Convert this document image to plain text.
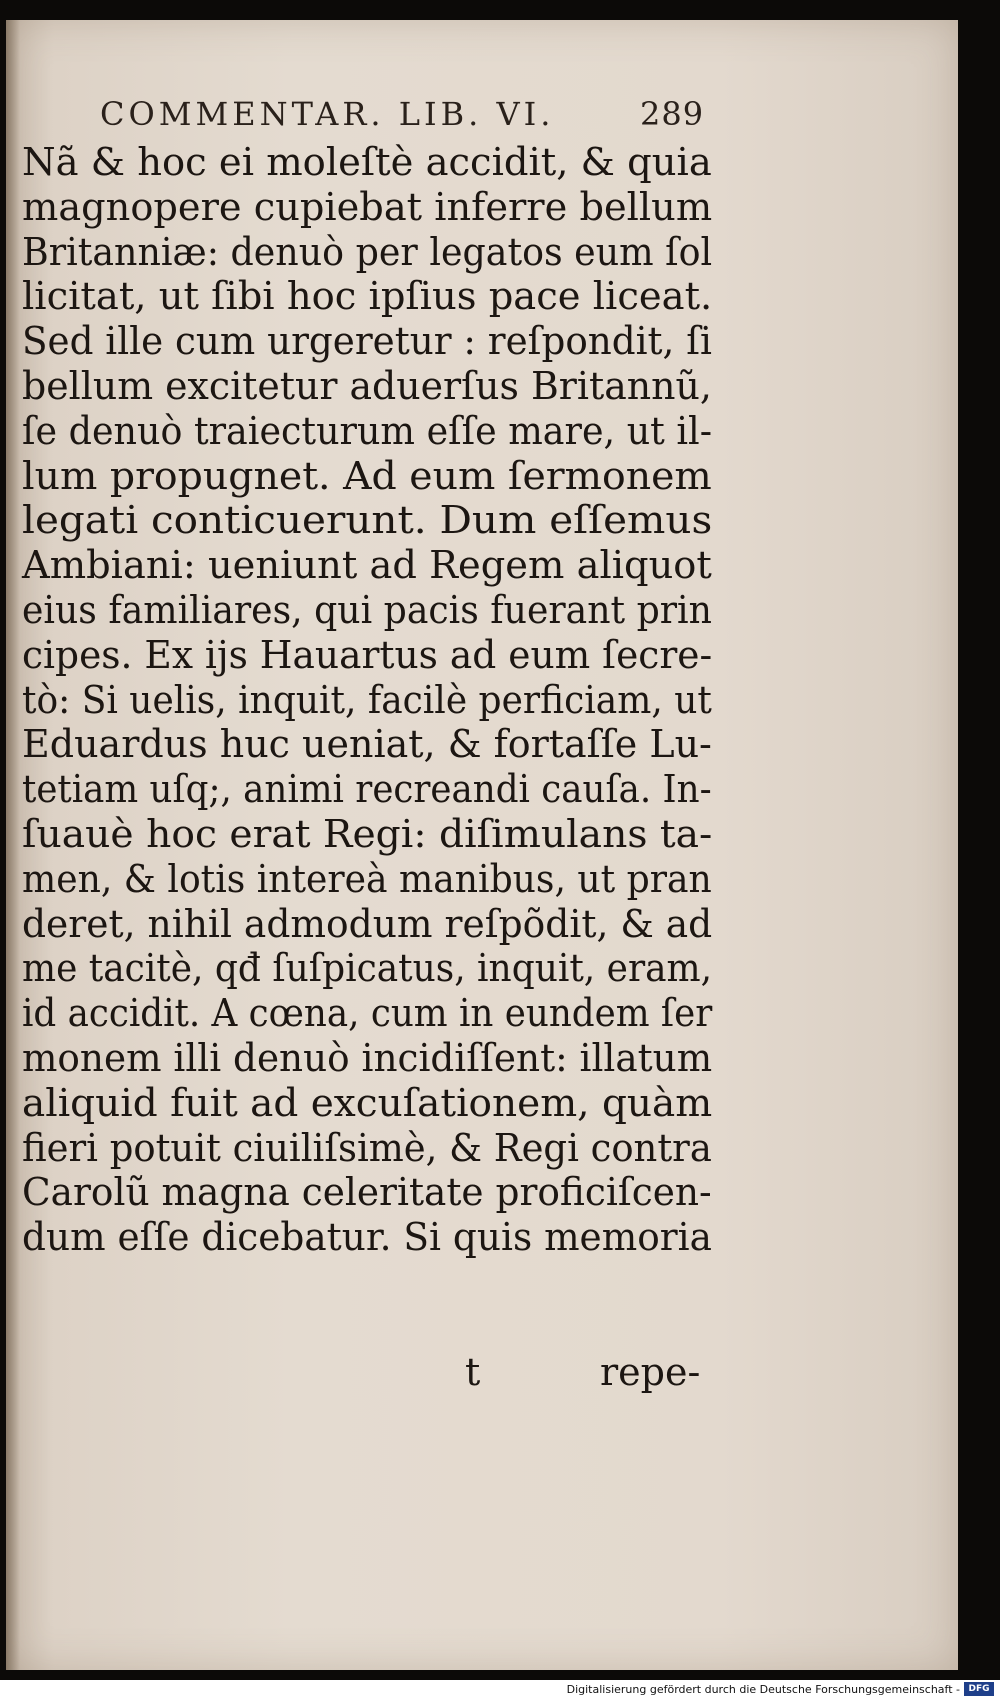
COMMENTAR. LIB. VI.	289
Nã & hoc ei moleſtè accidit, & quia
magnopere cupiebat inferre bellum
Britanniæ: denuò per legatos eum ſol
licitat, ut ſibi hoc ipſius pace liceat.
Sed ille cum urgeretur : reſpondit, ſi
bellum excitetur aduerſus Britannũ,
ſe denuò traiecturum eſſe mare, ut il-
lum propugnet. Ad eum ſermonem
legati conticuerunt. Dum eſſemus
Ambiani: ueniunt ad Regem aliquot
eius familiares, qui pacis fuerant prin
cipes. Ex ijs Hauartus ad eum ſecre-
tò: Si uelis, inquit, facilè perficiam, ut
Eduardus huc ueniat, & fortaſſe Lu-
tetiam uſq;, animi recreandi cauſa. In-
ſuauè hoc erat Regi: diſimulans ta-
men, & lotis intereà manibus, ut pran
deret, nihil admodum reſpõdit, & ad
me tacitè, qđ ſuſpicatus, inquit, eram,
id accidit. A cœna, cum in eundem ſer
monem illi denuò incidiſſent: illatum
aliquid fuit ad excuſationem, quàm
fieri potuit ciuiliſsimè, & Regi contra
Carolũ magna celeritate proficiſcen-
dum eſſe dicebatur. Si quis memoria
t	repe-
Digitalisierung gefördert durch die Deutsche Forschungsgemeinschaft - DFG
